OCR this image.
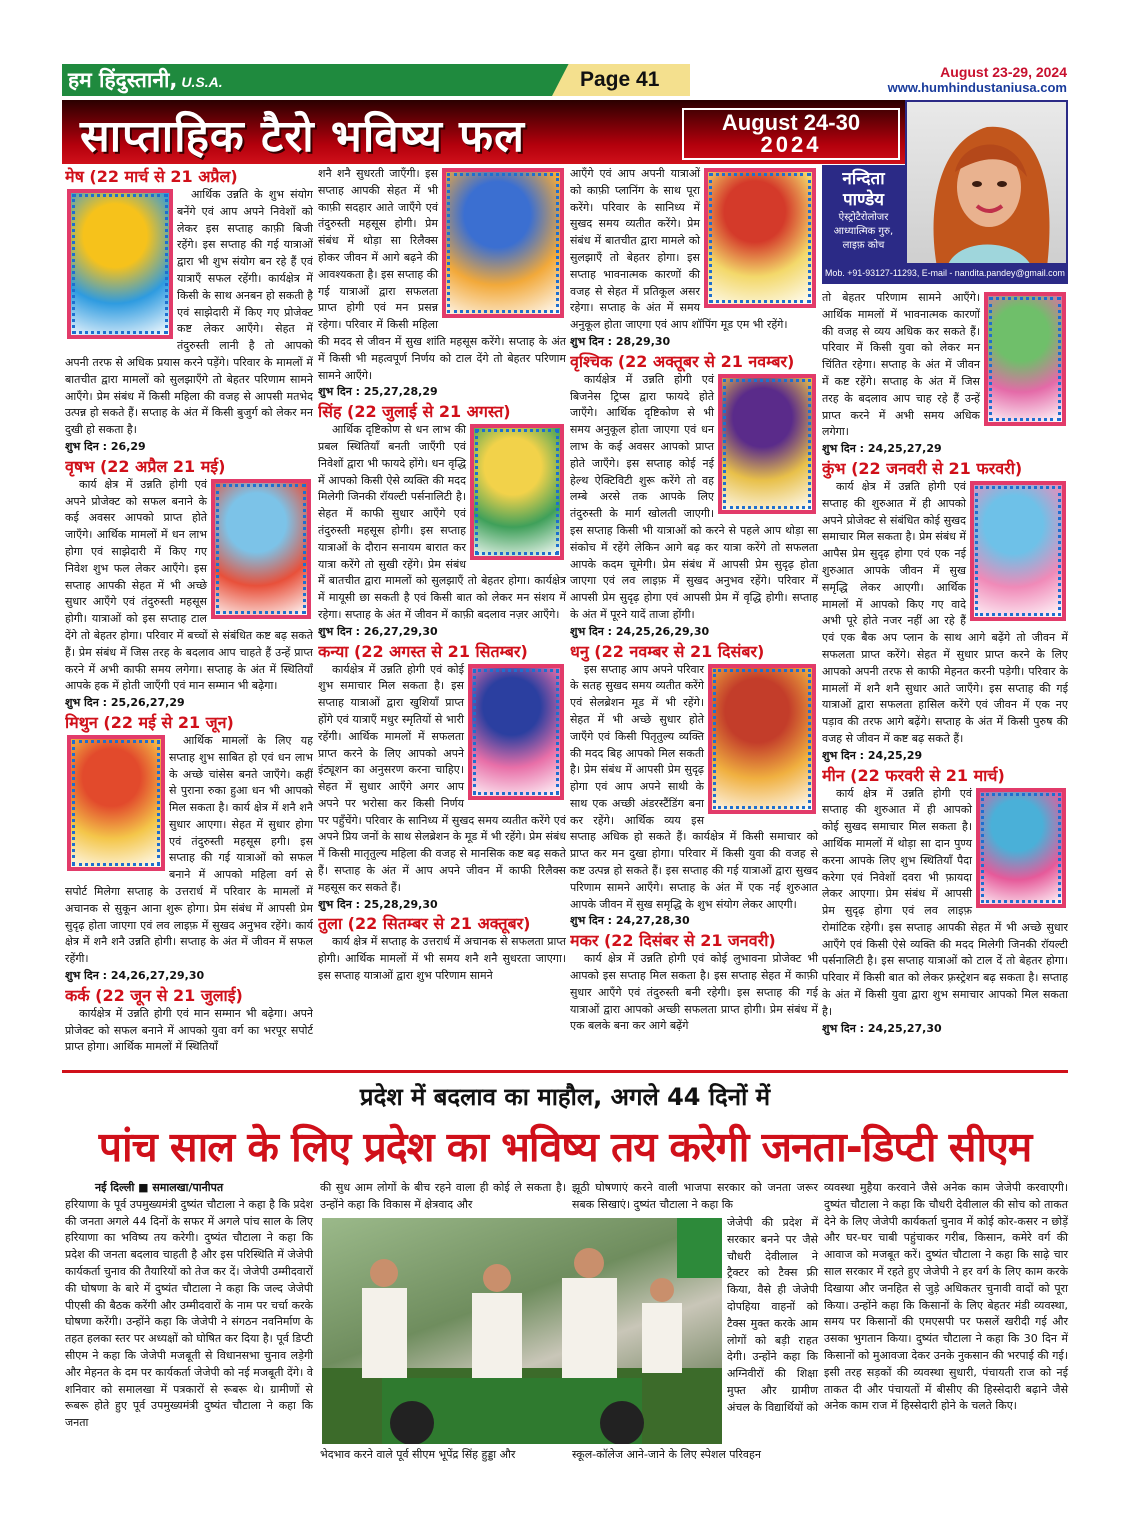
हम हिंदुस्तानी, U.S.A.	Page 41	August 23-29, 2024
www.humhindustaniusa.com
साप्ताहिक टैरो भविष्य फल	August 24-30
2024
नन्दिता
पाण्डेय
ऐस्ट्रोटैरोलोजर
आध्यात्मिक गुरु,
लाइफ़ कोच
Mob. +91-93127-11293, E-mail - nandita.pandey@gmail.com
मेष (22 मार्च से 21 अप्रैल)

आर्थिक उन्नति के शुभ संयोग बनेंगे एवं आप अपने निवेशों को लेकर इस सप्ताह काफ़ी बिजी रहेंगे। इस सप्ताह की गई यात्राओं द्वारा भी शुभ संयोग बन रहे हैं एवं यात्राएँ सफल रहेंगी। कार्यक्षेत्र में किसी के साथ अनबन हो सकती है एवं साझेदारी में किए गए प्रोजेक्ट कष्ट लेकर आएँगे। सेहत में तंदुरुस्ती लानी है तो आपको अपनी तरफ से अधिक प्रयास करने पड़ेंगे। परिवार के मामलों में बातचीत द्वारा मामलों को सुलझाएँगे तो बेहतर परिणाम सामने आएँगे। प्रेम संबंध में किसी महिला की वजह से आपसी मतभेद उत्पन्न हो सकते हैं। सप्ताह के अंत में किसी बुजुर्ग को लेकर मन दुखी हो सकता है।

शुभ दिन : 26,29
वृषभ (22 अप्रैल 21 मई)

कार्य क्षेत्र में उन्नति होगी एवं अपने प्रोजेक्ट को सफल बनाने के कई अवसर आपको प्राप्त होते जाएँगे। आर्थिक मामलों में धन लाभ होगा एवं साझेदारी में किए गए निवेश शुभ फल लेकर आएँगे। इस सप्ताह आपकी सेहत में भी अच्छे सुधार आएँगे एवं तंदुरुस्ती महसूस होगी। यात्राओं को इस सप्ताह टाल देंगे तो बेहतर होगा। परिवार में बच्चों से संबंधित कष्ट बढ़ सकते हैं। प्रेम संबंध में जिस तरह के बदलाव आप चाहते हैं उन्हें प्राप्त करने में अभी काफी समय लगेगा। सप्ताह के अंत में स्थितियाँ आपके हक में होती जाएँगी एवं मान सम्मान भी बढ़ेगा।

शुभ दिन : 25,26,27,29
मिथुन (22 मई से 21 जून)

आर्थिक मामलों के लिए यह सप्ताह शुभ साबित हो एवं धन लाभ के अच्छे चांसेस बनते जाएँगे। कहीं से पुराना रुका हुआ धन भी आपको मिल सकता है। कार्य क्षेत्र में शनै शनै सुधार आएगा। सेहत में सुधार होगा एवं तंदुरुस्ती महसूस हगी। इस सप्ताह की गई यात्राओं को सफल बनाने में आपको महिला वर्ग से सपोर्ट मिलेगा सप्ताह के उत्तरार्ध में परिवार के मामलों में अचानक से सुकून आना शुरू होगा। प्रेम संबंध में आपसी प्रेम सुदृढ़ होता जाएगा एवं लव लाइफ़ में सुखद अनुभव रहेंगे। कार्य क्षेत्र में शनै शनै उन्नति होगी। सप्ताह के अंत में जीवन में सफल रहेंगी।

शुभ दिन : 24,26,27,29,30
कर्क (22 जून से 21 जुलाई)

कार्यक्षेत्र में उन्नति होगी एवं मान सम्मान भी बढ़ेगा। अपने प्रोजेक्ट को सफल बनाने में आपको युवा वर्ग का भरपूर सपोर्ट प्राप्त होगा। आर्थिक मामलों में स्थितियाँ

शनै शनै सुधरती जाएँगी। इस सप्ताह आपकी सेहत में भी काफ़ी सदहार आते जाएँगे एवं तंदुरुस्ती महसूस होगी। प्रेम संबंध में थोड़ा सा रिलैक्स होकर जीवन में आगे बढ़ने की आवश्यकता है। इस सप्ताह की गई यात्राओं द्वारा सफलता प्राप्त होगी एवं मन प्रसन्न रहेगा। परिवार में किसी महिला की मदद से जीवन में सुख शांति महसूस करेंगे। सप्ताह के अंत में किसी भी महत्वपूर्ण निर्णय को टाल देंगे तो बेहतर परिणाम सामने आएँगे।
शुभ दिन : 25,27,28,29
सिंह (22 जुलाई से 21 अगस्त)

आर्थिक दृष्टिकोण से धन लाभ की प्रबल स्थितियाँ बनती जाएँगी एवं निवेशों द्वारा भी फायदे होंगे। धन वृद्धि में आपको किसी ऐसे व्यक्ति की मदद मिलेगी जिनकी रॉयल्टी पर्सनालिटी है। सेहत में काफी सुधार आएँगे एवं तंदुरुस्ती महसूस होगी। इस सप्ताह यात्राओं के दौरान सनायम बारात कर यात्रा करेंगे तो सुखी रहेंगे। प्रेम संबंध में बातचीत द्वारा मामलों को सुलझाएँ तो बेहतर होगा। कार्यक्षेत्र में मायूसी छा सकती है एवं किसी बात को लेकर मन संशय में रहेगा। सप्ताह के अंत में जीवन में काफ़ी बदलाव नज़र आएँगे।

शुभ दिन : 26,27,29,30
कन्या (22 अगस्त से 21 सितम्बर)

कार्यक्षेत्र में उन्नति होगी एवं कोई शुभ समाचार मिल सकता है। इस सप्ताह यात्राओं द्वारा खुशियाँ प्राप्त होंगे एवं यात्राएँ मधुर स्मृतियों से भारी रहेंगी। आर्थिक मामलों में सफलता प्राप्त करने के लिए आपको अपने इंट्यूशन का अनुसरण करना चाहिए। सेहत में सुधार आएँगे अगर आप अपने पर भरोसा कर किसी निर्णय पर पहुँचेंगे। परिवार के सानिध्य में सुखद समय व्यतीत करेंगे एवं अपने प्रिय जनों के साथ सेलब्रेशन के मूड में भी रहेंगे। प्रेम संबंध में किसी मातृतुल्य महिला की वजह से मानसिक कष्ट बढ़ सकते हैं। सप्ताह के अंत में आप अपने जीवन में काफी रिलैक्स महसूस कर सकते हैं।

शुभ दिन : 25,28,29,30
तुला (22 सितम्बर से 21 अक्तूबर)

कार्य क्षेत्र में सप्ताह के उत्तरार्ध में अचानक से सफलता प्राप्त होगी। आर्थिक मामलों में भी समय शनै शनै सुधरता जाएगा। इस सप्ताह यात्राओं द्वारा शुभ परिणाम सामने

आएँगे एवं आप अपनी यात्राओं को काफ़ी प्लानिंग के साथ पूरा करेंगे। परिवार के सानिध्य में सुखद समय व्यतीत करेंगे। प्रेम संबंध में बातचीत द्वारा मामले को सुलझाएँ तो बेहतर होगा। इस सप्ताह भावनात्मक कारणों की वजह से सेहत में प्रतिकूल असर रहेगा। सप्ताह के अंत में समय अनुकूल होता जाएगा एवं आप शॉपिंग मूड एम भी रहेंगे।
शुभ दिन : 28,29,30
वृश्चिक (22 अक्तूबर से 21 नवम्बर)

कार्यक्षेत्र में उन्नति होगी एवं बिजनेस ट्रिप्स द्वारा फायदे होते जाएँगे। आर्थिक दृष्टिकोण से भी समय अनुकूल होता जाएगा एवं धन लाभ के कई अवसर आपको प्राप्त होते जाएँगे। इस सप्ताह कोई नई हेल्थ ऐक्टिविटी शुरू करेंगे तो वह लम्बे अरसे तक आपके लिए तंदुरुस्ती के मार्ग खोलती जाएगी। इस सप्ताह किसी भी यात्राओं को करने से पहले आप थोड़ा सा संकोच में रहेंगे लेकिन आगे बढ़ कर यात्रा करेंगे तो सफलता आपके कदम चूमेगी। प्रेम संबंध में आपसी प्रेम सुदृढ़ होता जाएगा एवं लव लाइफ़ में सुखद अनुभव रहेंगे। परिवार में आपसी प्रेम सुदृढ़ होगा एवं आपसी प्रेम में वृद्धि होगी। सप्ताह के अंत में पूरने यादें ताजा होंगी।

शुभ दिन : 24,25,26,29,30
धनु (22 नवम्बर से 21 दिसंबर)

इस सप्ताह आप अपने परिवार के सतह सुखद समय व्यतीत करेंगे एवं सेलब्रेशन मूड में भी रहेंगे। सेहत में भी अच्छे सुधार होते जाएँगे एवं किसी पितृतुल्य व्यक्ति की मदद बिह आपको मिल सकती है। प्रेम संबंध में आपसी प्रेम सुदृढ़ होगा एवं आप अपने साथी के साथ एक अच्छी अंडरस्टैंडिंग बना कर रहेंगे। आर्थिक व्यय इस सप्ताह अधिक हो सकते हैं। कार्यक्षेत्र में किसी समाचार को प्राप्त कर मन दुखा होगा। परिवार में किसी युवा की वजह से कष्ट उत्पन्न हो सकते हैं। इस सप्ताह की गई यात्राओं द्वारा सुखद परिणाम सामने आएँगे। सप्ताह के अंत में एक नई शुरुआत आपके जीवन में सुख समृद्धि के शुभ संयोग लेकर आएगी।

शुभ दिन : 24,27,28,30
मकर (22 दिसंबर से 21 जनवरी)

कार्य क्षेत्र में उन्नति होगी एवं कोई लुभावना प्रोजेक्ट भी आपको इस सप्ताह मिल सकता है। इस सप्ताह सेहत में काफ़ी सुधार आएँगे एवं तंदुरुस्ती बनी रहेगी। इस सप्ताह की गई यात्राओं द्वारा आपको अच्छी सफलता प्राप्त होगी। प्रेम संबंध में एक बलके बना कर आगे बढ़ेंगे

तो बेहतर परिणाम सामने आएँगे। आर्थिक मामलों में भावनात्मक कारणों की वजह से व्यय अधिक कर सकते हैं। परिवार में किसी युवा को लेकर मन चिंतित रहेगा। सप्ताह के अंत में जीवन में कष्ट रहेंगे। सप्ताह के अंत में जिस तरह के बदलाव आप चाह रहे हैं उन्हें प्राप्त करने में अभी समय अधिक लगेगा।
शुभ दिन : 24,25,27,29
कुंभ (22 जनवरी से 21 फरवरी)

कार्य क्षेत्र में उन्नति होगी एवं सप्ताह की शुरुआत में ही आपको अपने प्रोजेक्ट से संबंधित कोई सुखद समाचार मिल सकता है। प्रेम संबंध में आपैस प्रेम सुदृढ़ होगा एवं एक नई शुरुआत आपके जीवन में सुख समृद्धि लेकर आएगी। आर्थिक मामलों में आपको किए गए वादे अभी पूरे होते नजर नहीं आ रहे हैं एवं एक बैक अप प्लान के साथ आगे बढ़ेंगे तो जीवन में सफलता प्राप्त करेंगे। सेहत में सुधार प्राप्त करने के लिए आपको अपनी तरफ से काफी मेहनत करनी पड़ेगी। परिवार के मामलों में शनै शनै सुधार आते जाएँगे। इस सप्ताह की गई यात्राओं द्वारा सफलता हासिल करेंगे एवं जीवन में एक नए पड़ाव की तरफ आगे बढ़ेंगे। सप्ताह के अंत में किसी पुरुष की वजह से जीवन में कष्ट बढ़ सकते हैं।

शुभ दिन : 24,25,29
मीन (22 फरवरी से 21 मार्च)

कार्य क्षेत्र में उन्नति होगी एवं सप्ताह की शुरुआत में ही आपको कोई सुखद समाचार मिल सकता है। आर्थिक मामलों में थोड़ा सा दान पुण्य करना आपके लिए शुभ स्थितियाँ पैदा करेगा एवं निवेशों दवरा भी फ़ायदा लेकर आएगा। प्रेम संबंध में आपसी प्रेम सुदृढ़ होगा एवं लव लाइफ़ रोमांटिक रहेगी। इस सप्ताह आपकी सेहत में भी अच्छे सुधार आएँगे एवं किसी ऐसे व्यक्ति की मदद मिलेगी जिनकी रॉयल्टी पर्सनालिटी है। इस सप्ताह यात्राओं को टाल दें तो बेहतर होगा। परिवार में किसी बात को लेकर फ़्रस्ट्रेशन बढ़ सकता है। सप्ताह के अंत में किसी युवा द्वारा शुभ समाचार आपको मिल सकता है।

शुभ दिन : 24,25,27,30
प्रदेश में बदलाव का माहौल, अगले 44 दिनों में
पांच साल के लिए प्रदेश का भविष्य तय करेगी जनता-डिप्टी सीएम
नई दिल्ली ■ समालखा/पानीपत
हरियाणा के पूर्व उपमुख्यमंत्री दुष्यंत चौटाला ने कहा है कि प्रदेश की जनता अगले 44 दिनों के सफर में अगले पांच साल के लिए हरियाणा का भविष्य तय करेगी। दुष्यंत चौटाला ने कहा कि प्रदेश की जनता बदलाव चाहती है और इस परिस्थिति में जेजेपी कार्यकर्ता चुनाव की तैयारियों को तेज कर दें। जेजेपी उम्मीदवारों की घोषणा के बारे में दुष्यंत चौटाला ने कहा कि जल्द जेजेपी पीएसी की बैठक करेंगी और उम्मीदवारों के नाम पर चर्चा करके घोषणा करेंगी। उन्होंने कहा कि जेजेपी ने संगठन नवनिर्माण के तहत हलका स्तर पर अध्यक्षों को घोषित कर दिया है। पूर्व डिप्टी सीएम ने कहा कि जेजेपी मजबूती से विधानसभा चुनाव लड़ेगी और मेहनत के दम पर कार्यकर्ता जेजेपी को नई मजबूती देंगे। वे शनिवार को समालखा में पत्रकारों से रूबरू थे। ग्रामीणों से रूबरू होते हुए पूर्व उपमुख्यमंत्री दुष्यंत चौटाला ने कहा कि जनता
की सुध आम लोगों के बीच रहने वाला ही कोई ले सकता है। उन्होंने कहा कि विकास में क्षेत्रवाद और
भेदभाव करने वाले पूर्व सीएम भूपेंद्र सिंह हुड्डा और
झूठी घोषणाएं करने वाली भाजपा सरकार को जनता जरूर सबक सिखाएं। दुष्यंत चौटाला ने कहा कि
जेजेपी की प्रदेश में सरकार बनने पर जैसे चौधरी देवीलाल ने ट्रैक्टर को टैक्स फ्री किया, वैसे ही जेजेपी दोपहिया वाहनों को टैक्स मुक्त करके आम लोगों को बड़ी राहत देगी। उन्होंने कहा कि अग्निवीरों की शिक्षा मुफ्त और ग्रामीण अंचल के विद्यार्थियों को
स्कूल-कॉलेज आने-जाने के लिए स्पेशल परिवहन
व्यवस्था मुहैया करवाने जैसे अनेक काम जेजेपी करवाएगी। दुष्यंत चौटाला ने कहा कि चौधरी देवीलाल की सोच को ताकत देने के लिए जेजेपी कार्यकर्ता चुनाव में कोई कोर-कसर न छोड़ें और घर-घर चाबी पहुंचाकर गरीब, किसान, कमेरे वर्ग की आवाज को मजबूत करें। दुष्यंत चौटाला ने कहा कि साढ़े चार साल सरकार में रहते हुए जेजेपी ने हर वर्ग के लिए काम करके दिखाया और जनहित से जुड़े अधिकतर चुनावी वादों को पूरा किया। उन्होंने कहा कि किसानों के लिए बेहतर मंडी व्यवस्था, समय पर किसानों की एमएसपी पर फसलें खरीदी गई और उसका भुगतान किया। दुष्यंत चौटाला ने कहा कि 30 दिन में किसानों को मुआवजा देकर उनके नुकसान की भरपाई की गई। इसी तरह सड़कों की व्यवस्था सुधारी, पंचायती राज को नई ताकत दी और पंचायतों में बीसीए की हिस्सेदारी बढ़ाने जैसे अनेक काम राज में हिस्सेदारी होने के चलते किए।
